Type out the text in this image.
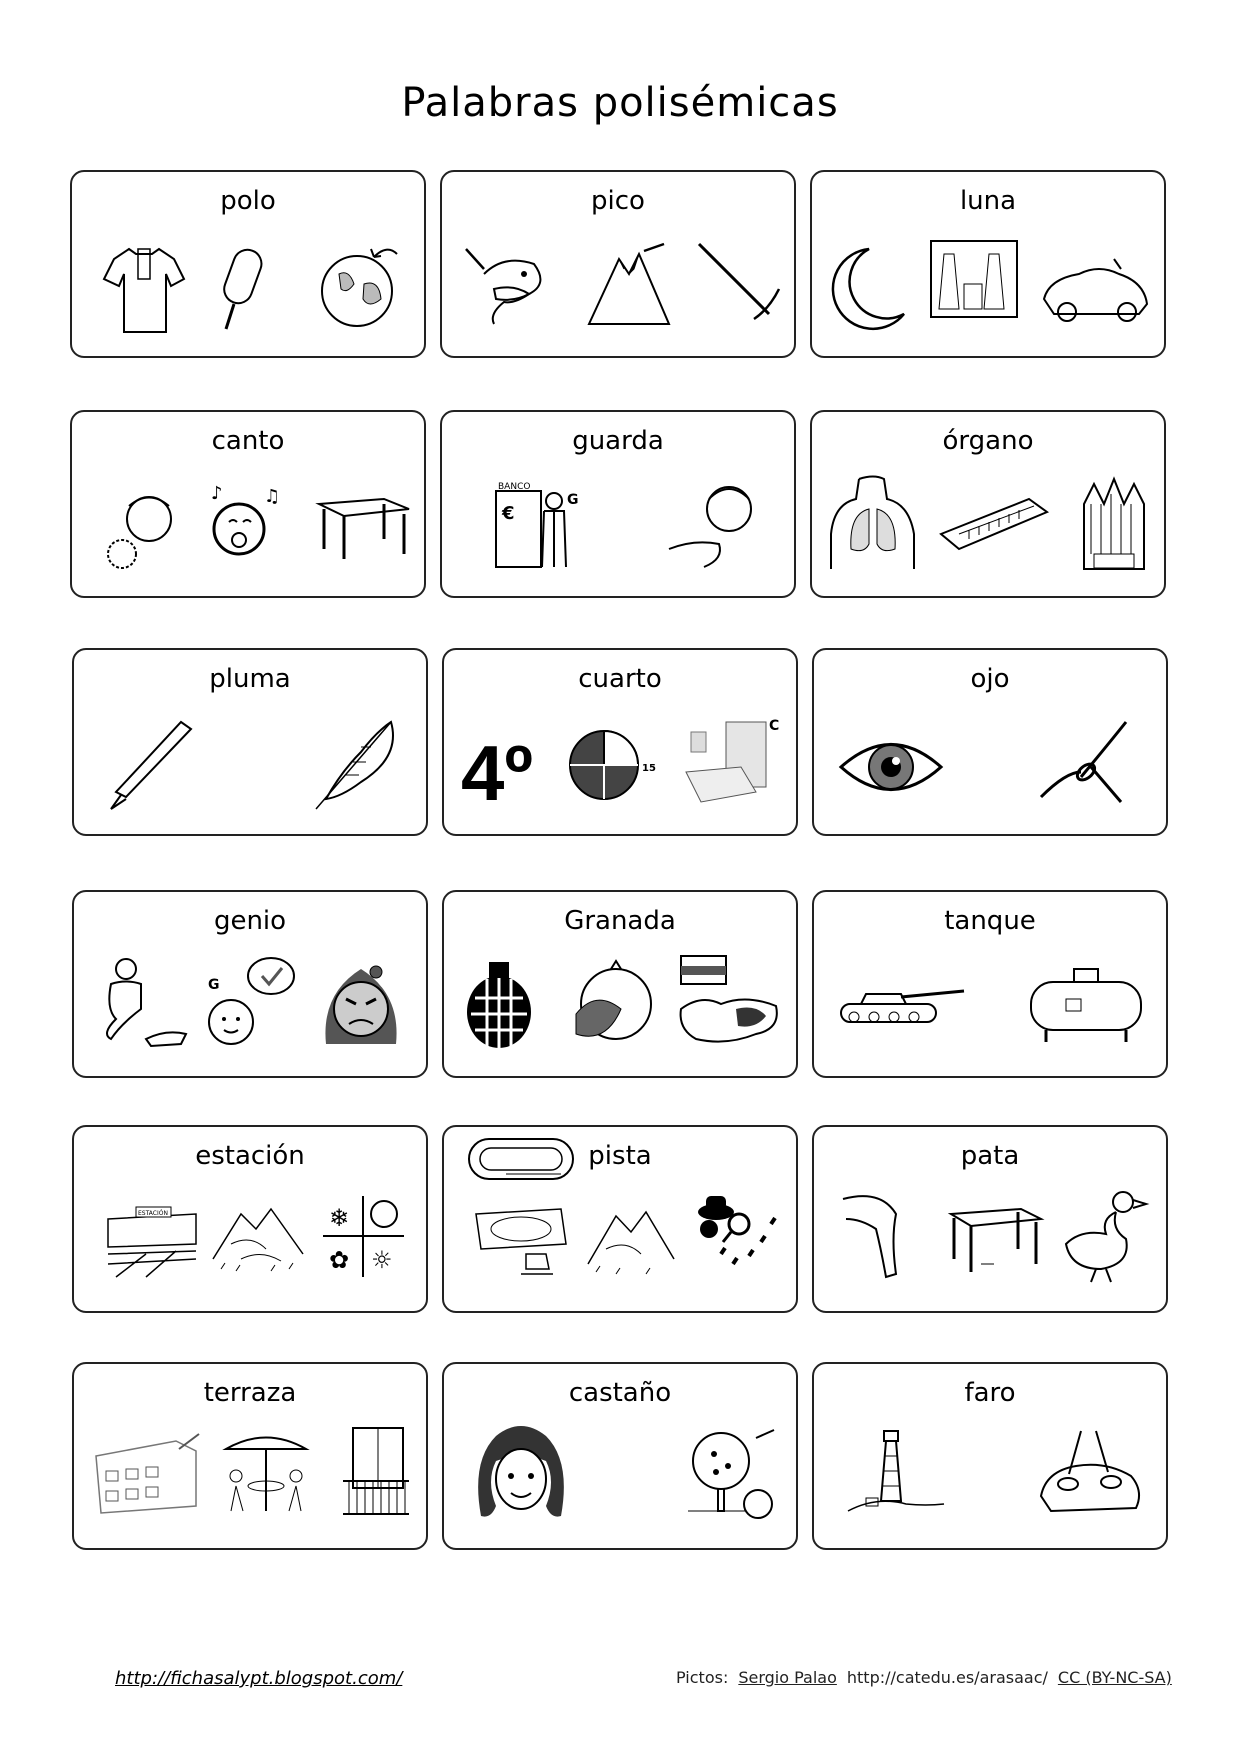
Palabras polisémicas
polo	pico	luna
canto
♪ ♫
guarda
BANCO
€
G
órgano
pluma	cuarto
4º	15
C
ojo
genio
G
Granada	tanque
estación
ESTACIÓN	❄
✿ ☼
pista	pata
terraza	castaño	faro
http://fichasalypt.blogspot.com/	Pictos: Sergio Palao http://catedu.es/arasaac/ CC (BY-NC-SA)
